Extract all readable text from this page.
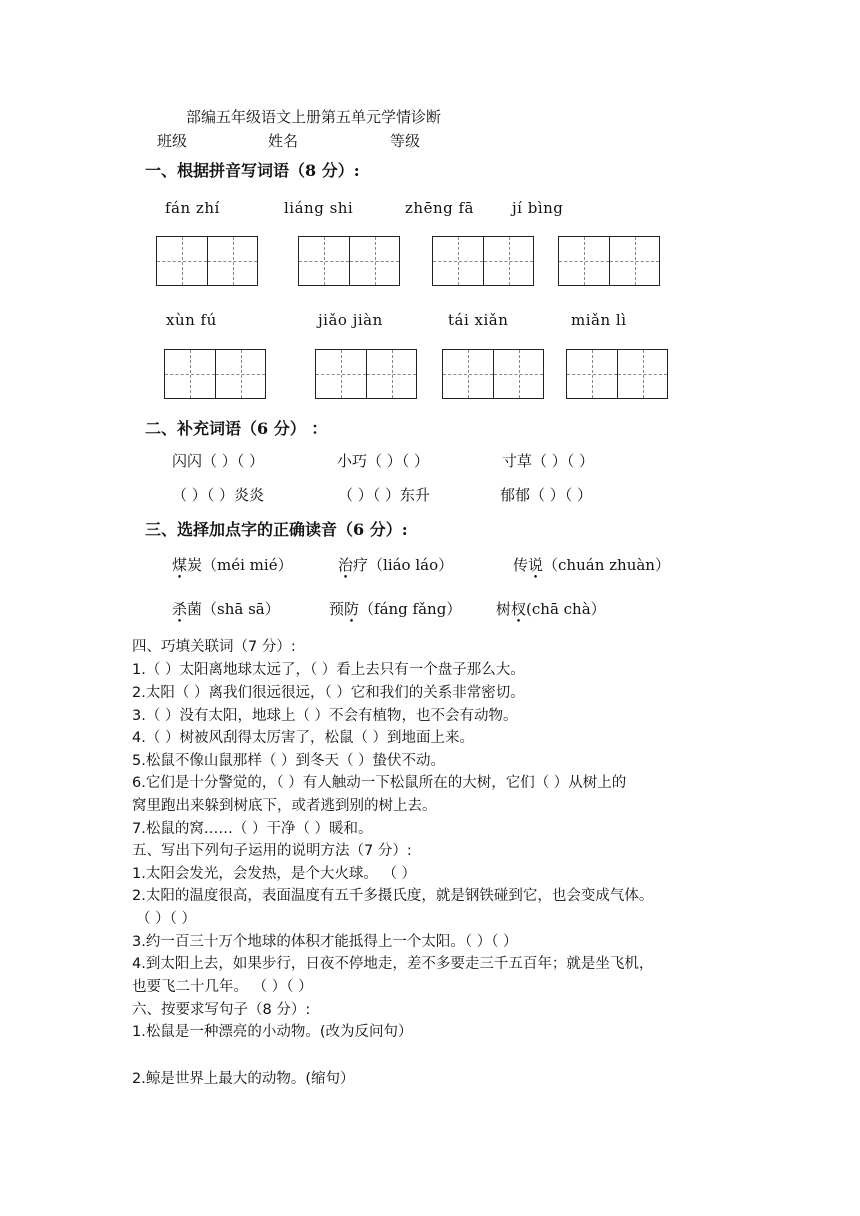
部编五年级语文上册第五单元学情诊断
班级	姓名	等级
一、根据拼音写词语（8 分）:
fán zhí	liáng shi	zhēng fā	jí bìng
xùn fú	jiǎo jiàn	tái xiǎn	miǎn lì
二、补充词语（6 分） ：
闪闪（ ）（ ）	小巧（ ）（ ）	寸草（ ）（ ）
（ ）（ ）炎炎	（ ）（ ）东升	郁郁（ ）（ ）
三、选择加点字的正确读音（6 分）:
煤炭（méi mié）	治疗（liáo láo）	传说（chuán zhuàn）
杀菌（shā sā）	预防（fáng fǎng） 树杈(chā chà）
四、巧填关联词（7 分）:
1.（ ）太阳离地球太远了，（ ）看上去只有一个盘子那么大。
2.太阳（ ）离我们很远很远，（ ）它和我们的关系非常密切。
3.（ ）没有太阳，地球上（ ）不会有植物，也不会有动物。
4.（ ）树被风刮得太厉害了，松鼠（ ）到地面上来。
5.松鼠不像山鼠那样（ ）到冬天（ ）蛰伏不动。
6.它们是十分警觉的，（ ）有人触动一下松鼠所在的大树，它们（ ）从树上的
窝里跑出来躲到树底下，或者逃到别的树上去。
7.松鼠的窝……（ ）干净（ ）暖和。
五、写出下列句子运用的说明方法（7 分）:
1.太阳会发光，会发热，是个大火球。 （ ）
2.太阳的温度很高，表面温度有五千多摄氏度，就是钢铁碰到它，也会变成气体。
（ ）（ ）
3.约一百三十万个地球的体积才能抵得上一个太阳。（ ）（ ）
4.到太阳上去，如果步行，日夜不停地走，差不多要走三千五百年；就是坐飞机，
也要飞二十几年。 （ ）（ ）
六、按要求写句子（8 分）:
1.松鼠是一种漂亮的小动物。(改为反问句）
2.鲸是世界上最大的动物。(缩句）
